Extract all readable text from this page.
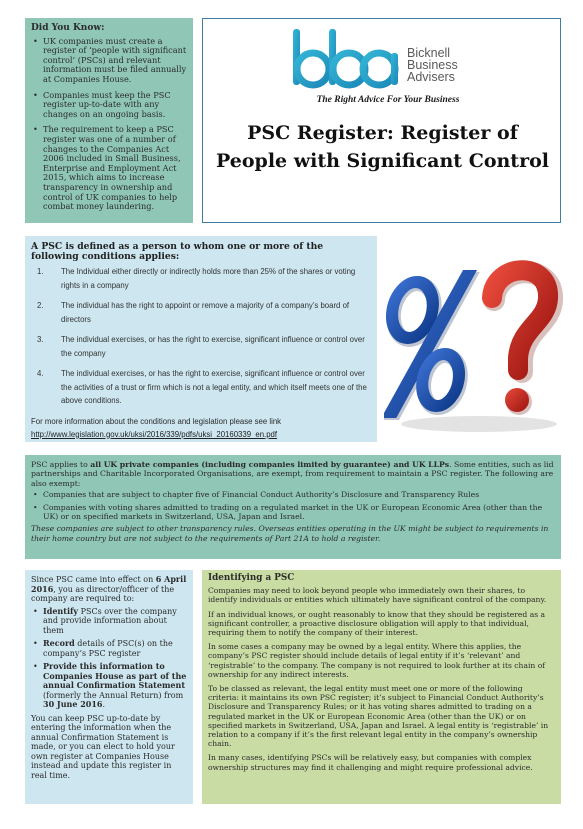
Did You Know:
• UK companies must create a register of ‘people with significant control’ (PSCs) and relevant information must be filed annually at Companies House.
• Companies must keep the PSC register up-to-date with any changes on an ongoing basis.
• The requirement to keep a PSC register was one of a number of changes to the Companies Act 2006 included in Small Business, Enterprise and Employment Act 2015, which aims to increase transparency in ownership and control of UK companies to help combat money laundering.
Bicknell
Business
Advisers
The Right Advice For Your Business
PSC Register: Register of People with Significant Control
A PSC is defined as a person to whom one or more of the following conditions applies:
1. The Individual either directly or indirectly holds more than 25% of the shares or voting rights in a company
2. The individual has the right to appoint or remove a majority of a company’s board of directors
3. The individual exercises, or has the right to exercise, significant influence or control over the company
4. The individual exercises, or has the right to exercise, significant influence or control over the activities of a trust or firm which is not a legal entity, and which itself meets one of the above conditions.
For more information about the conditions and legislation please see link http://www.legislation.gov.uk/uksi/2016/339/pdfs/uksi_20160339_en.pdf

PSC applies to all UK private companies (including companies limited by guarantee) and UK LLPs. Some entities, such as lid partnerships and Charitable Incorporated Organisations, are exempt, from requirement to maintain a PSC register. The following are also exempt:

• Companies that are subject to chapter five of Financial Conduct Authority’s Disclosure and Transparency Rules
• Companies with voting shares admitted to trading on a regulated market in the UK or European Economic Area (other than the UK) or on specified markets in Switzerland, USA, Japan and Israel.

These companies are subject to other transparency rules. Overseas entities operating in the UK might be subject to requirements in their home country but are not subject to the requirements of Part 21A to hold a register.

Since PSC came into effect on 6 April 2016, you as director/officer of the company are required to:

• Identify PSCs over the company and provide information about them
• Record details of PSC(s) on the company’s PSC register
• Provide this information to Companies House as part of the annual Confirmation Statement (formerly the Annual Return) from 30 June 2016.

You can keep PSC up-to-date by entering the information when the annual Confirmation Statement is made, or you can elect to hold your own register at Companies House instead and update this register in real time.

Identifying a PSC

Companies may need to look beyond people who immediately own their shares, to identify individuals or entities which ultimately have significant control of the company.

If an individual knows, or ought reasonably to know that they should be registered as a significant controller, a proactive disclosure obligation will apply to that individual, requiring them to notify the company of their interest.

In some cases a company may be owned by a legal entity. Where this applies, the company’s PSC register should include details of legal entity if it’s ‘relevant’ and ‘registrable’ to the company. The company is not required to look further at its chain of ownership for any indirect interests.

To be classed as relevant, the legal entity must meet one or more of the following criteria: it maintains its own PSC register; it’s subject to Financial Conduct Authority’s Disclosure and Transparency Rules; or it has voting shares admitted to trading on a regulated market in the UK or European Economic Area (other than the UK) or on specified markets in Switzerland, USA, Japan and Israel. A legal entity is ‘registrable’ in relation to a company if it’s the first relevant legal entity in the company’s ownership chain.

In many cases, identifying PSCs will be relatively easy, but companies with complex ownership structures may find it challenging and might require professional advice.
